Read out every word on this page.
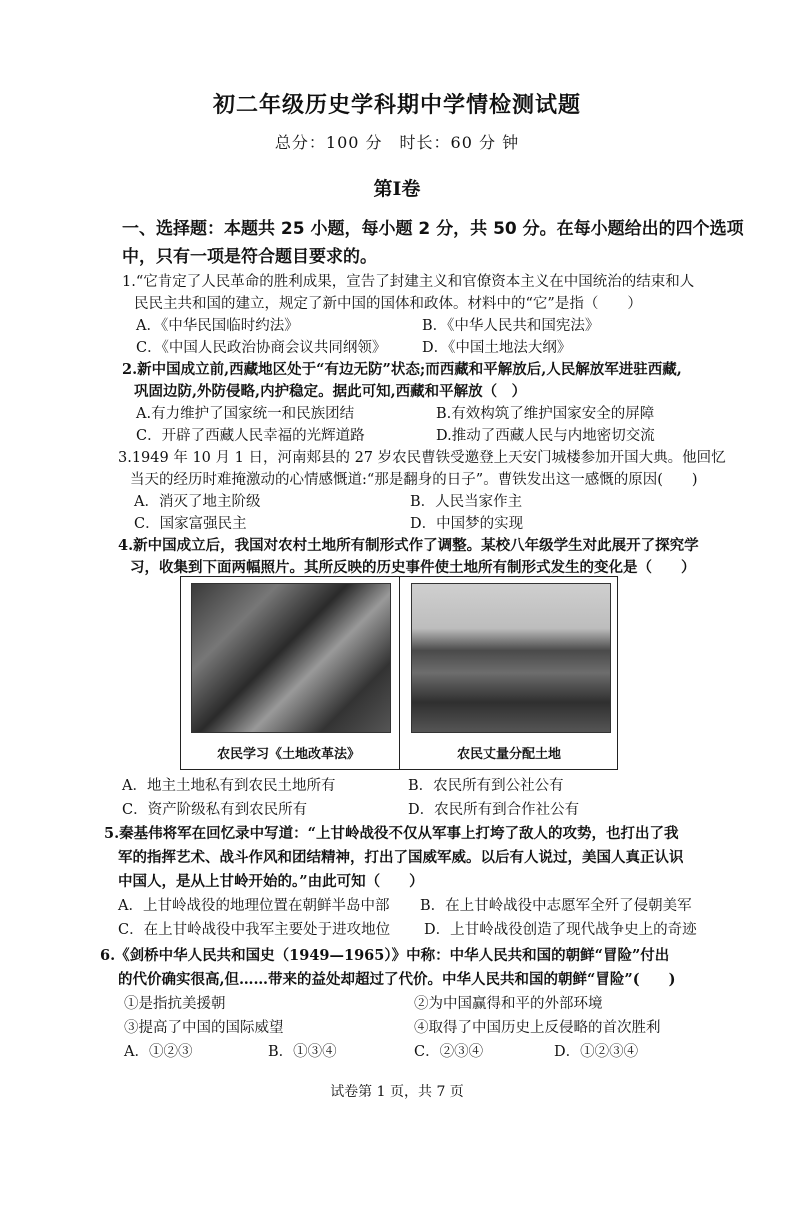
初二年级历史学科期中学情检测试题
总分：100 分　时长：60 分 钟
第Ⅰ卷
一、选择题：本题共 25 小题，每小题 2 分，共 50 分。在每小题给出的四个选项
中，只有一项是符合题目要求的。
1.“它肯定了人民革命的胜利成果，宣告了封建主义和官僚资本主义在中国统治的结束和人
民民主共和国的建立，规定了新中国的国体和政体。材料中的“它”是指（　　）
A．《中华民国临时约法》	B．《中华人民共和国宪法》
C．《中国人民政治协商会议共同纲领》 D．《中国土地法大纲》
2.新中国成立前,西藏地区处于“有边无防”状态;而西藏和平解放后,人民解放军进驻西藏,
巩固边防,外防侵略,内护稳定。据此可知,西藏和平解放（　）
A.有力维护了国家统一和民族团结	B.有效构筑了维护国家安全的屏障
C．开辟了西藏人民幸福的光辉道路	D.推动了西藏人民与内地密切交流
3.1949 年 10 月 1 日，河南郏县的 27 岁农民曹铁受邀登上天安门城楼参加开国大典。他回忆
当天的经历时难掩激动的心情感慨道:“那是翻身的日子”。曹铁发出这一感慨的原因(　　)
A．消灭了地主阶级	B．人民当家作主
C．国家富强民主	D．中国梦的实现
4.新中国成立后，我国对农村土地所有制形式作了调整。某校八年级学生对此展开了探究学
习，收集到下面两幅照片。其所反映的历史事件使土地所有制形式发生的变化是（　　）
农民学习《土地改革法》	农民丈量分配土地
A．地主土地私有到农民土地所有	B．农民所有到公社公有
C．资产阶级私有到农民所有	D．农民所有到合作社公有
5.秦基伟将军在回忆录中写道：“上甘岭战役不仅从军事上打垮了敌人的攻势，也打出了我
军的指挥艺术、战斗作风和团结精神，打出了国威军威。以后有人说过，美国人真正认识
中国人，是从上甘岭开始的。”由此可知（　　）
A．上甘岭战役的地理位置在朝鲜半岛中部 B．在上甘岭战役中志愿军全歼了侵朝美军
C．在上甘岭战役中我军主要处于进攻地位 D．上甘岭战役创造了现代战争史上的奇迹
6.《剑桥中华人民共和国史（1949—1965）》中称：中华人民共和国的朝鲜“冒险”付出
的代价确实很高,但……带来的益处却超过了代价。中华人民共和国的朝鲜“冒险”(　　)
①是指抗美援朝	②为中国赢得和平的外部环境
③提高了中国的国际威望	④取得了中国历史上反侵略的首次胜利
A．①②③	B．①③④	C．②③④	D．①②③④
试卷第 1 页，共 7 页
